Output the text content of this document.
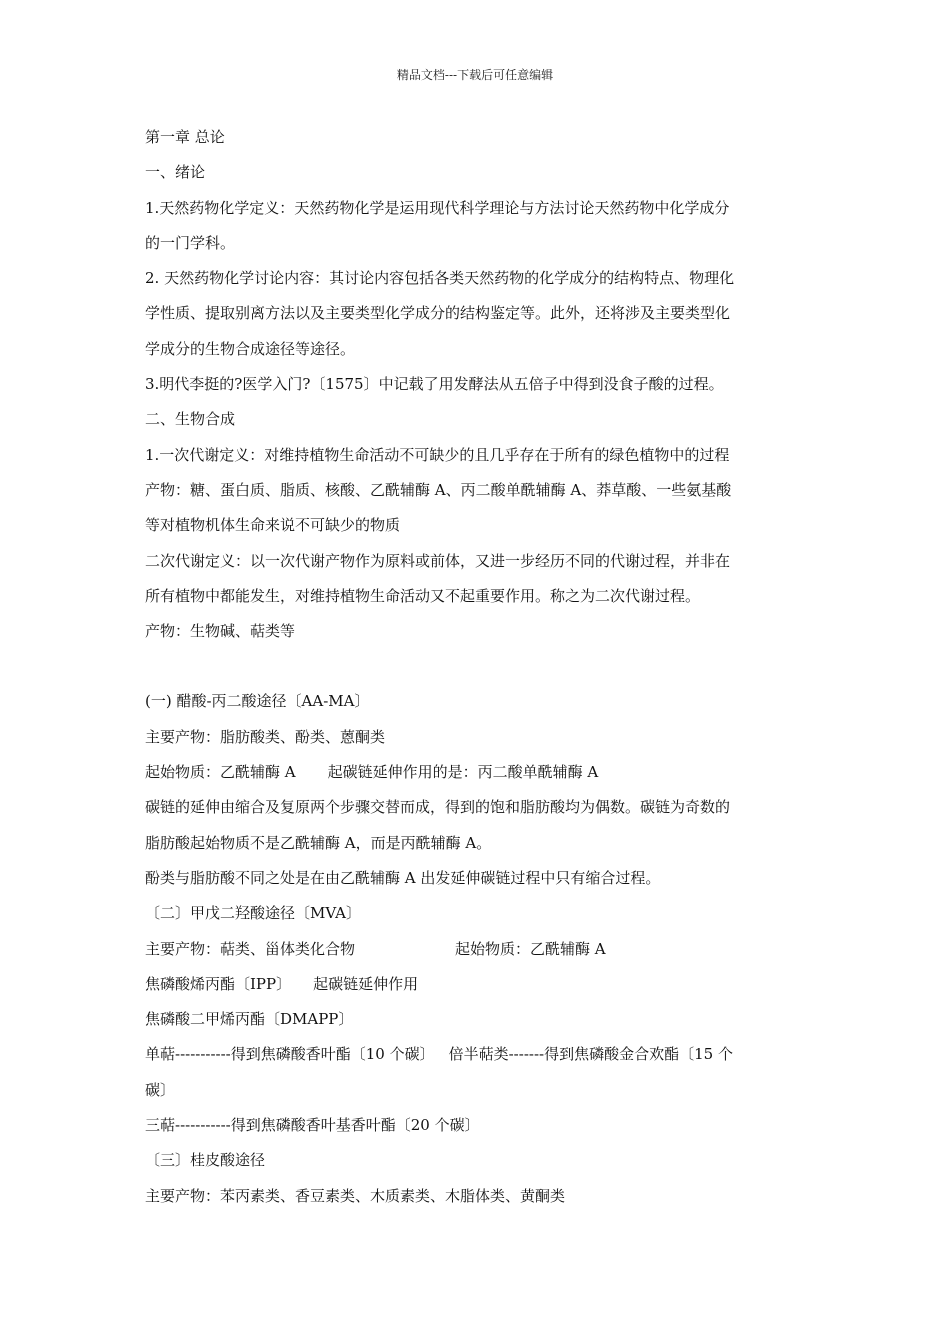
精品文档---下载后可任意编辑
第一章 总论
一、绪论
1.天然药物化学定义：天然药物化学是运用现代科学理论与方法讨论天然药物中化学成分
的一门学科。
2. 天然药物化学讨论内容：其讨论内容包括各类天然药物的化学成分的结构特点、物理化
学性质、提取别离方法以及主要类型化学成分的结构鉴定等。此外，还将涉及主要类型化
学成分的生物合成途径等途径。
3.明代李挺的?医学入门?〔1575〕中记载了用发酵法从五倍子中得到没食子酸的过程。
二、生物合成
1.一次代谢定义：对维持植物生命活动不可缺少的且几乎存在于所有的绿色植物中的过程
产物：糖、蛋白质、脂质、核酸、乙酰辅酶 A、丙二酸单酰辅酶 A、莽草酸、一些氨基酸
等对植物机体生命来说不可缺少的物质
二次代谢定义：以一次代谢产物作为原料或前体，又进一步经历不同的代谢过程，并非在
所有植物中都能发生，对维持植物生命活动又不起重要作用。称之为二次代谢过程。
产物：生物碱、萜类等
(一) 醋酸-丙二酸途径〔AA-MA〕
主要产物：脂肪酸类、酚类、蒽酮类
起始物质：乙酰辅酶 A 起碳链延伸作用的是：丙二酸单酰辅酶 A
碳链的延伸由缩合及复原两个步骤交替而成，得到的饱和脂肪酸均为偶数。碳链为奇数的
脂肪酸起始物质不是乙酰辅酶 A，而是丙酰辅酶 A。
酚类与脂肪酸不同之处是在由乙酰辅酶 A 出发延伸碳链过程中只有缩合过程。
〔二〕甲戊二羟酸途径〔MVA〕
主要产物：萜类、甾体类化合物	起始物质：乙酰辅酶 A
焦磷酸烯丙酯〔IPP〕 起碳链延伸作用
焦磷酸二甲烯丙酯〔DMAPP〕
单萜-----------得到焦磷酸香叶酯〔10 个碳〕 倍半萜类-------得到焦磷酸金合欢酯〔15 个
碳〕
三萜-----------得到焦磷酸香叶基香叶酯〔20 个碳〕
〔三〕桂皮酸途径
主要产物：苯丙素类、香豆素类、木质素类、木脂体类、黄酮类
